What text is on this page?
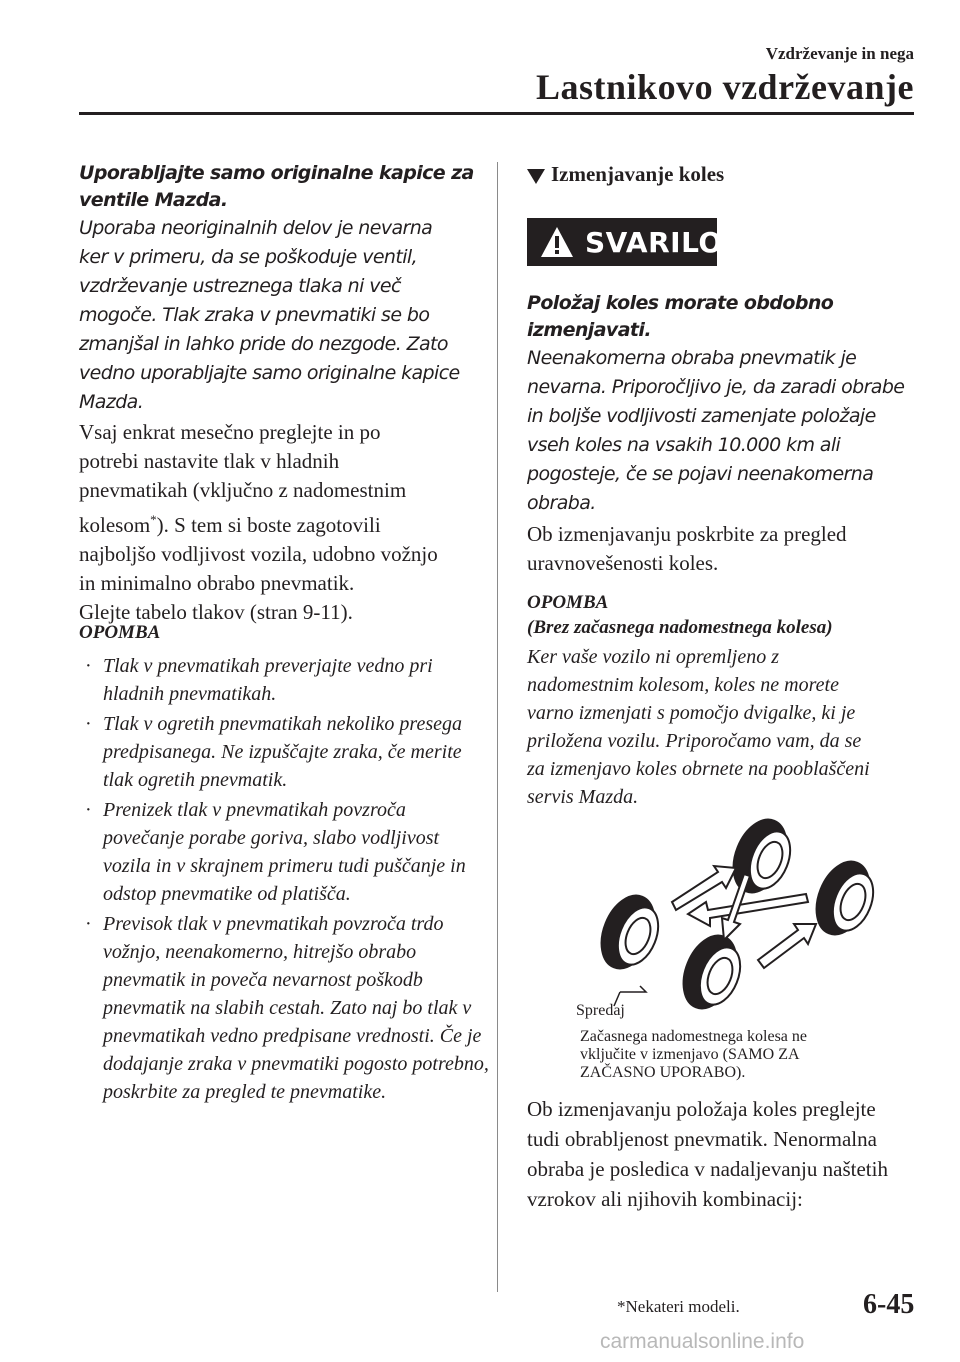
Vzdrževanje in nega
Lastnikovo vzdrževanje
Uporabljajte samo originalne kapice za
ventile Mazda.
Uporaba neoriginalnih delov je nevarna
ker v primeru, da se poškoduje ventil,
vzdrževanje ustreznega tlaka ni več
mogoče. Tlak zraka v pnevmatiki se bo
zmanjšal in lahko pride do nezgode. Zato
vedno uporabljajte samo originalne kapice
Mazda.
Vsaj enkrat mesečno preglejte in po
potrebi nastavite tlak v hladnih
pnevmatikah (vključno z nadomestnim
kolesom*). S tem si boste zagotovili
najboljšo vodljivost vozila, udobno vožnjo
in minimalno obrabo pnevmatik.
Glejte tabelo tlakov (stran 9-11).
OPOMBA
· Tlak v pnevmatikah preverjajte vedno pri hladnih pnevmatikah.
· Tlak v ogretih pnevmatikah nekoliko presega predpisanega. Ne izpuščajte zraka, če merite tlak ogretih pnevmatik.
· Prenizek tlak v pnevmatikah povzroča povečanje porabe goriva, slabo vodljivost vozila in v skrajnem primeru tudi puščanje in odstop pnevmatike od platišča.
· Previsok tlak v pnevmatikah povzroča trdo vožnjo, neenakomerno, hitrejšo obrabo pnevmatik in poveča nevarnost poškodb pnevmatik na slabih cestah. Zato naj bo tlak v pnevmatikah vedno predpisane vrednosti. Če je dodajanje zraka v pnevmatiki pogosto potrebno, poskrbite za pregled te pnevmatike.
Izmenjavanje koles
SVARILO
Položaj koles morate obdobno
izmenjavati.
Neenakomerna obraba pnevmatik je
nevarna. Priporočljivo je, da zaradi obrabe
in boljše vodljivosti zamenjate položaje
vseh koles na vsakih 10.000 km ali
pogosteje, če se pojavi neenakomerna
obraba.
Ob izmenjavanju poskrbite za pregled
uravnovešenosti koles.
OPOMBA
(Brez začasnega nadomestnega kolesa)
Ker vaše vozilo ni opremljeno z
nadomestnim kolesom, koles ne morete
varno izmenjati s pomočjo dvigalke, ki je
priložena vozilu. Priporočamo vam, da se
za izmenjavo koles obrnete na pooblaščeni
servis Mazda.
Spredaj
Začasnega nadomestnega kolesa ne
vključite v izmenjavo (SAMO ZA
ZAČASNO UPORABO).
Ob izmenjavanju položaja koles preglejte
tudi obrabljenost pnevmatik. Nenormalna
obraba je posledica v nadaljevanju naštetih
vzrokov ali njihovih kombinacij:
*Nekateri modeli.	6-45
carmanualsonline.info
